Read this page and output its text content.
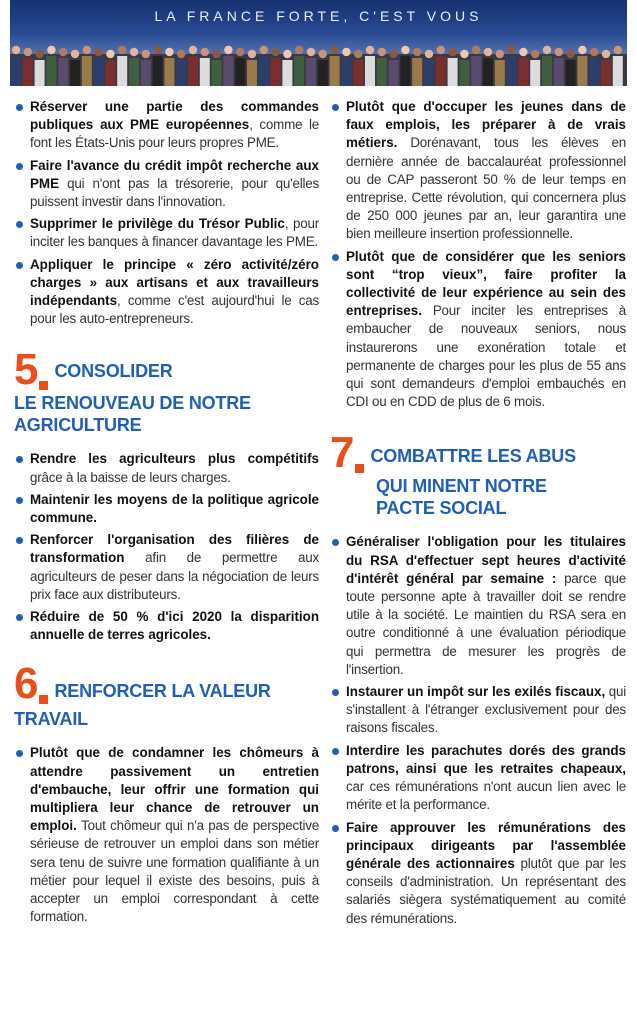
LA FRANCE FORTE, C'EST VOUS
Réserver une partie des commandes publiques aux PME européennes, comme le font les États-Unis pour leurs propres PME.
Faire l'avance du crédit impôt recherche aux PME qui n'ont pas la trésorerie, pour qu'elles puissent investir dans l'innovation.
Supprimer le privilège du Trésor Public, pour inciter les banques à financer davantage les PME.
Appliquer le principe « zéro activité/zéro charges » aux artisans et aux travailleurs indépendants, comme c'est aujourd'hui le cas pour les auto-entrepreneurs.
5 CONSOLIDER
LE RENOUVEAU DE NOTRE AGRICULTURE
Rendre les agriculteurs plus compétitifs grâce à la baisse de leurs charges.
Maintenir les moyens de la politique agricole commune.
Renforcer l'organisation des filières de transformation afin de permettre aux agriculteurs de peser dans la négociation de leurs prix face aux distributeurs.
Réduire de 50 % d'ici 2020 la disparition annuelle de terres agricoles.
6 RENFORCER LA VALEUR
TRAVAIL
Plutôt que de condamner les chômeurs à attendre passivement un entretien d'embauche, leur offrir une formation qui multipliera leur chance de retrouver un emploi. Tout chômeur qui n'a pas de perspective sérieuse de retrouver un emploi dans son métier sera tenu de suivre une formation qualifiante à un métier pour lequel il existe des besoins, puis à accepter un emploi correspondant à cette formation.
Plutôt que d'occuper les jeunes dans de faux emplois, les préparer à de vrais métiers. Dorénavant, tous les élèves en dernière année de baccalauréat professionnel ou de CAP passeront 50 % de leur temps en entreprise. Cette révolution, qui concernera plus de 250 000 jeunes par an, leur garantira une bien meilleure insertion professionnelle.
Plutôt que de considérer que les seniors sont “trop vieux”, faire profiter la collectivité de leur expérience au sein des entreprises. Pour inciter les entreprises à embaucher de nouveaux seniors, nous instaurerons une exonération totale et permanente de charges pour les plus de 55 ans qui sont demandeurs d'emploi embauchés en CDI ou en CDD de plus de 6 mois.
7 COMBATTRE LES ABUS
QUI MINENT NOTRE PACTE SOCIAL
Généraliser l'obligation pour les titulaires du RSA d'effectuer sept heures d'activité d'intérêt général par semaine : parce que toute personne apte à travailler doit se rendre utile à la société. Le maintien du RSA sera en outre conditionné à une évaluation périodique qui permettra de mesurer les progrès de l'insertion.
Instaurer un impôt sur les exilés fiscaux, qui s'installent à l'étranger exclusivement pour des raisons fiscales.
Interdire les parachutes dorés des grands patrons, ainsi que les retraites chapeaux, car ces rémunérations n'ont aucun lien avec le mérite et la performance.
Faire approuver les rémunérations des principaux dirigeants par l'assemblée générale des actionnaires plutôt que par les conseils d'administration. Un représentant des salariés siègera systématiquement au comité des rémunérations.
